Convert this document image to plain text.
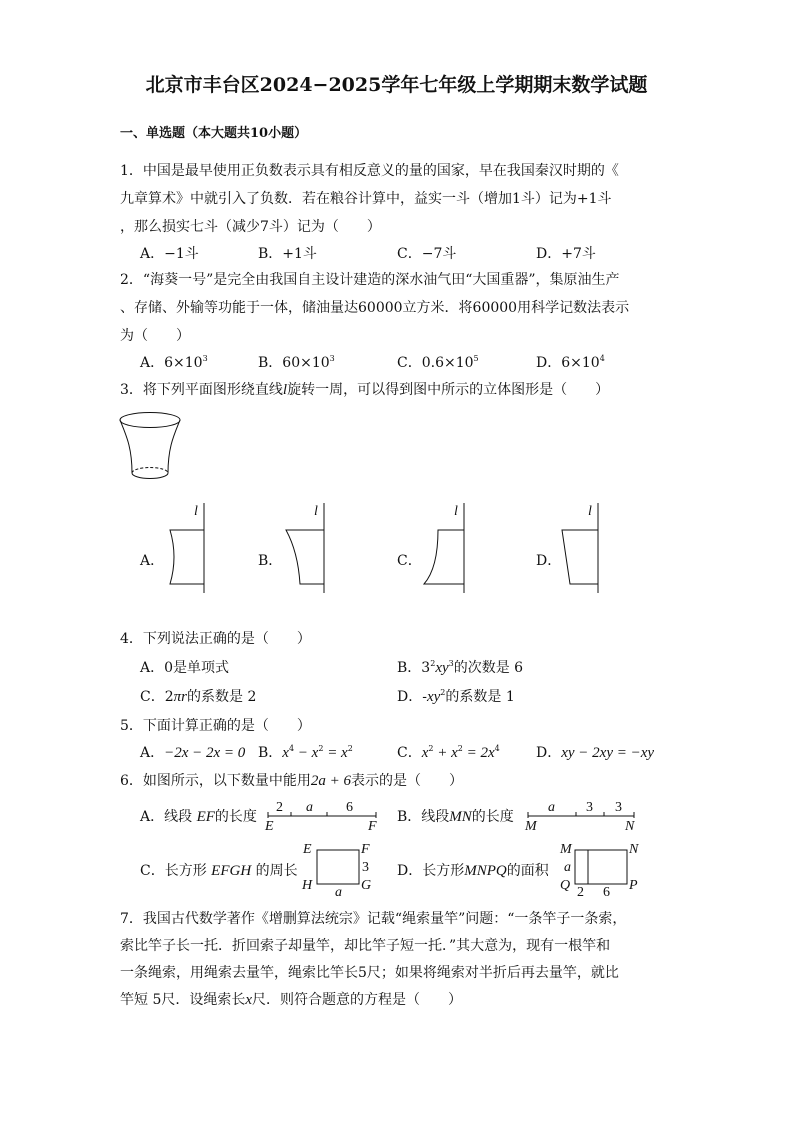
北京市丰台区2024−2025学年七年级上学期期末数学试题
一、单选题（本大题共10小题）
1．中国是最早使用正负数表示具有相反意义的量的国家，早在我国秦汉时期的《
九章算术》中就引入了负数．若在粮谷计算中，益实一斗（增加1斗）记为+1斗
，那么损实七斗（减少7斗）记为（　　）
A．−1斗	B．+1斗	C．−7斗	D．+7斗
2．“海葵一号”是完全由我国自主设计建造的深水油气田“大国重器”，集原油生产
、存储、外输等功能于一体，储油量达60000立方米．将60000用科学记数法表示
为（　　）
A．$6\times 10^3$	B．$60\times 10^3$	C．$0.6\times 10^5$	D．$6\times 10^4$
3．将下列平面图形绕直线l旋转一周，可以得到图中所示的立体图形是（　　）
A．
l
B．
l
C．
l
D．
l
4．下列说法正确的是（　　）
A．0是单项式	B．$3^2xy^3$的次数是 6
C．2πr的系数是 2	D．$-xy^2$的系数是 1
5．下面计算正确的是（　　）
A．−2x − 2x = 0 B．$x^4 - x^2 = x^2$	C．$x^2 + x^2 = 2x^4$	D．xy − 2xy = −xy
6．如图所示，以下数量中能用2a + 6表示的是（　　）
A．线段 EF的长度
2 a 6
E	F
B．线段MN的长度
a 3 3
M	N
C．长方形 EFGH 的周长
E	F
H	G
3
a
D．长方形MNPQ的面积
M	N
Q	P
a
2 6
7．我国古代数学著作《增删算法统宗》记载“绳索量竿”问题：“一条竿子一条索，
索比竿子长一托．折回索子却量竿，却比竿子短一托．”其大意为，现有一根竿和
一条绳索，用绳索去量竿，绳索比竿长5尺；如果将绳索对半折后再去量竿，就比
竿短 5尺．设绳索长x尺．则符合题意的方程是（　　）
